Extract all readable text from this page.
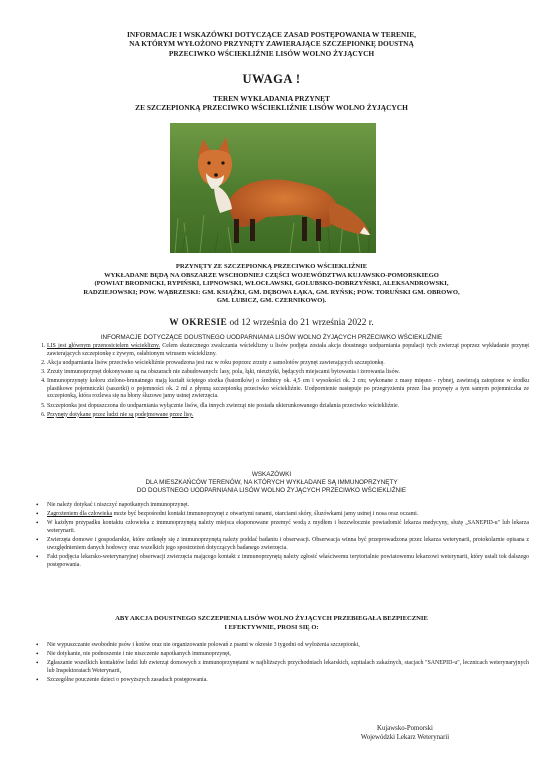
INFORMACJE I WSKAZÓWKI DOTYCZĄCE ZASAD POSTĘPOWANIA W TERENIE,
NA KTÓRYM WYŁOŻONO PRZYNĘTY ZAWIERAJĄCE SZCZEPIONKĘ DOUSTNĄ
PRZECIWKO WŚCIEKLIŹNIE LISÓW WOLNO ŻYJĄCYCH
UWAGA !
TEREN WYKŁADANIA PRZYNĘT
ZE SZCZEPIONKĄ PRZECIWKO WŚCIEKLIŹNIE LISÓW WOLNO ŻYJĄCYCH
PRZYNĘTY ZE SZCZEPIONKĄ PRZECIWKO WŚCIEKLIŹNIE
WYKŁADANE BĘDĄ NA OBSZARZE WSCHODNIEJ CZĘŚCI WOJEWÓDZTWA KUJAWSKO-POMORSKIEGO
(POWIAT BRODNICKI, RYPIŃSKI, LIPNOWSKI, WŁOCŁAWSKI, GOLUBSKO-DOBRZYŃSKI, ALEKSANDROWSKI,
RADZIEJOWSKI; POW. WĄBRZESKI: GM. KSIĄŻKI, GM. DĘBOWA ŁĄKA, GM. RYŃSK; POW. TORUŃSKI GM. OBROWO,
GM. LUBICZ, GM. CZERNIKOWO).
W OKRESIE od 12 września do 21 września 2022 r.
INFORMACJE DOTYCZĄCE DOUSTNEGO UODPARNIANIA LISÓW WOLNO ŻYJĄCYCH PRZECIWKO WŚCIEKLIŹNIE
1. LIS jest głównym przenosicielem wścieklizny. Celem skutecznego zwalczania wścieklizny u lisów podjęta została akcja doustnego uodparniania populacji tych zwierząt poprzez wykładanie przynęt zawierających szczepionkę z żywym, osłabionym wirusem wścieklizny.
2. Akcja uodparniania lisów przeciwko wściekliźnie prowadzona jest raz w roku poprzez zrzuty z samolotów przynęt zawierających szczepionkę.
3. Zrzuty immunoprzynęt dokonywane są na obszarach nie zabudowanych: lasy, pola, łąki, nieużytki, będących miejscami bytowania i żerowania lisów.
4. Immunoprzynęty koloru zielono-brunatnego mają kształt ściętego stożka (batoników) o średnicy ok. 4,5 cm i wysokości ok. 2 cm; wykonane z masy mięsno - rybnej, zawierają zatopione w środku plastikowe pojemniczki (saszetki) o pojemności ok. 2 ml z płynną szczepionką przeciwko wściekliźnie. Uodpornienie następuje po przegryzieniu przez lisa przynęty a tym samym pojemniczka ze szczepionką, która rozlewa się na błony śluzowe jamy ustnej zwierzęcia.
5. Szczepionka jest dopuszczona do uodparniania wyłącznie lisów, dla innych zwierząt nie posiada ukierunkowanego działania przeciwko wściekliźnie.
6. Przynęty dotykane przez ludzi nie są podejmowane przez lisy.
WSKAZÓWKI
DLA MIESZKAŃCÓW TERENÓW, NA KTÓRYCH WYKŁADANE SĄ IMMUNOPRZYNĘTY
DO DOUSTNEGO UODPARNIANIA LISÓW WOLNO ŻYJĄCYCH PRZECIWKO WŚCIEKLIŹNIE
• Nie należy dotykać i niszczyć napotkanych immunoprzynęt.
• Zagrożeniem dla człowieka może być bezpośredni kontakt immunoprzynęt z otwartymi ranami, otarciami skóry, śluzówkami jamy ustnej i nosa oraz oczami.
• W każdym przypadku kontaktu człowieka z immunoprzynętą należy miejsca eksponowane przemyć wodą z mydłem i bezzwłocznie powiadomić lekarza medycyny, służę „SANEPID-u" lub lekarza weterynarii.
• Zwierzęta domowe i gospodarskie, które zetknęły się z immunoprzynętą należy poddać badaniu i obserwacji. Obserwacja winna być przeprowadzona przez lekarza weterynarii, protokolarnie opisana z uwzględnieniem danych hodowcy oraz wszelkich jego spostrzeżeń dotyczących badanego zwierzęcia.
• Fakt podjęcia lekarsko-weterynaryjnej obserwacji zwierzęcia mającego kontakt z immunoprzynętą należy zgłosić właściwemu terytorialnie powiatowemu lekarzowi weterynarii, który ustali tok dalszego postępowania.
ABY AKCJA DOUSTNEGO SZCZEPIENIA LISÓW WOLNO ŻYJĄCYCH PRZEBIEGAŁA BEZPIECZNIE
I EFEKTYWNIE, PROSI SIĘ O:
• Nie wypuszczanie swobodnie psów i kotów oraz nie organizowanie polowań z psami w okresie 3 tygodni od wyłożenia szczepionki,
• Nie dotykanie, nie podnoszenie i nie niszczenie napotkanych immunoprzynęt,
• Zgłaszanie wszelkich kontaktów ludzi lub zwierząt domowych z immunoprzynętami w najbliższych przychodniach lekarskich, szpitalach zakaźnych, stacjach "SANEPID-u", lecznicach weterynaryjnych lub Inspektoratach Weterynarii,
• Szczególne pouczenie dzieci o powyższych zasadach postępowania.
Kujawsko-Pomorski
Wojewódzki Lekarz Weterynarii
